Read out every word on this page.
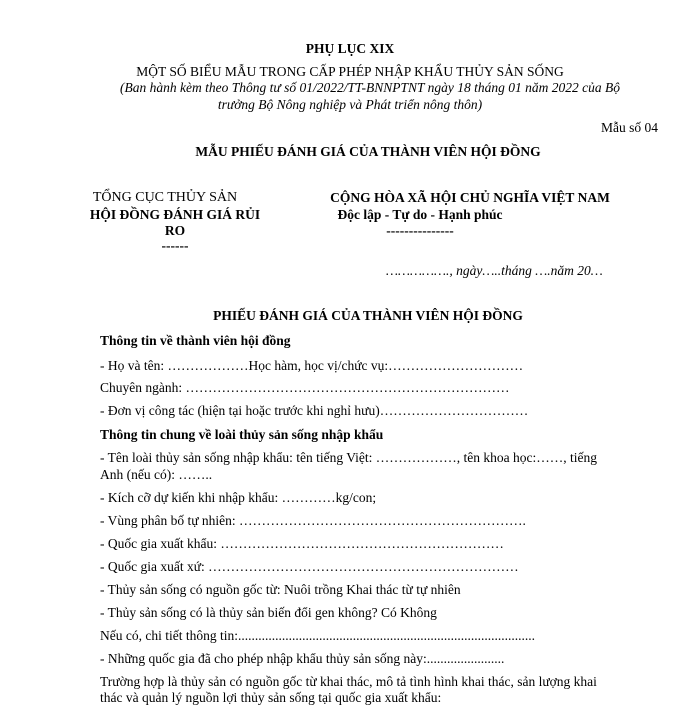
PHỤ LỤC XIX
MỘT SỐ BIỂU MẪU TRONG CẤP PHÉP NHẬP KHẨU THỦY SẢN SỐNG
(Ban hành kèm theo Thông tư số 01/2022/TT-BNNPTNT ngày 18 tháng 01 năm 2022 của Bộ
trưởng Bộ Nông nghiệp và Phát triển nông thôn)
Mẫu số 04
MẪU PHIẾU ĐÁNH GIÁ CỦA THÀNH VIÊN HỘI ĐỒNG
TỔNG CỤC THỦY SẢN
HỘI ĐỒNG ĐÁNH GIÁ RỦI
RO
------
CỘNG HÒA XÃ HỘI CHỦ NGHĨA VIỆT NAM
Độc lập - Tự do - Hạnh phúc
---------------
……………., ngày…..tháng ….năm 20…
PHIẾU ĐÁNH GIÁ CỦA THÀNH VIÊN HỘI ĐỒNG
Thông tin về thành viên hội đồng
- Họ và tên: ………………Học hàm, học vị/chức vụ:…………………………
Chuyên ngành: ………………………………………………………………
- Đơn vị công tác (hiện tại hoặc trước khi nghỉ hưu)……………………………
Thông tin chung về loài thủy sản sống nhập khẩu
- Tên loài thủy sản sống nhập khẩu: tên tiếng Việt: ………………, tên khoa học:……, tiếng
Anh (nếu có): ……..
- Kích cỡ dự kiến khi nhập khẩu: …………kg/con;
- Vùng phân bố tự nhiên: ……………………………………………………….
- Quốc gia xuất khẩu: ………………………………………………………
- Quốc gia xuất xứ: ……………………………………………………………
- Thủy sản sống có nguồn gốc từ: Nuôi trồng Khai thác từ tự nhiên
- Thủy sản sống có là thủy sản biến đổi gen không? Có Không
Nếu có, chi tiết thông tin:........................................................................................
- Những quốc gia đã cho phép nhập khẩu thủy sản sống này:.......................
Trường hợp là thủy sản có nguồn gốc từ khai thác, mô tả tình hình khai thác, sản lượng khai
thác và quản lý nguồn lợi thủy sản sống tại quốc gia xuất khẩu:
